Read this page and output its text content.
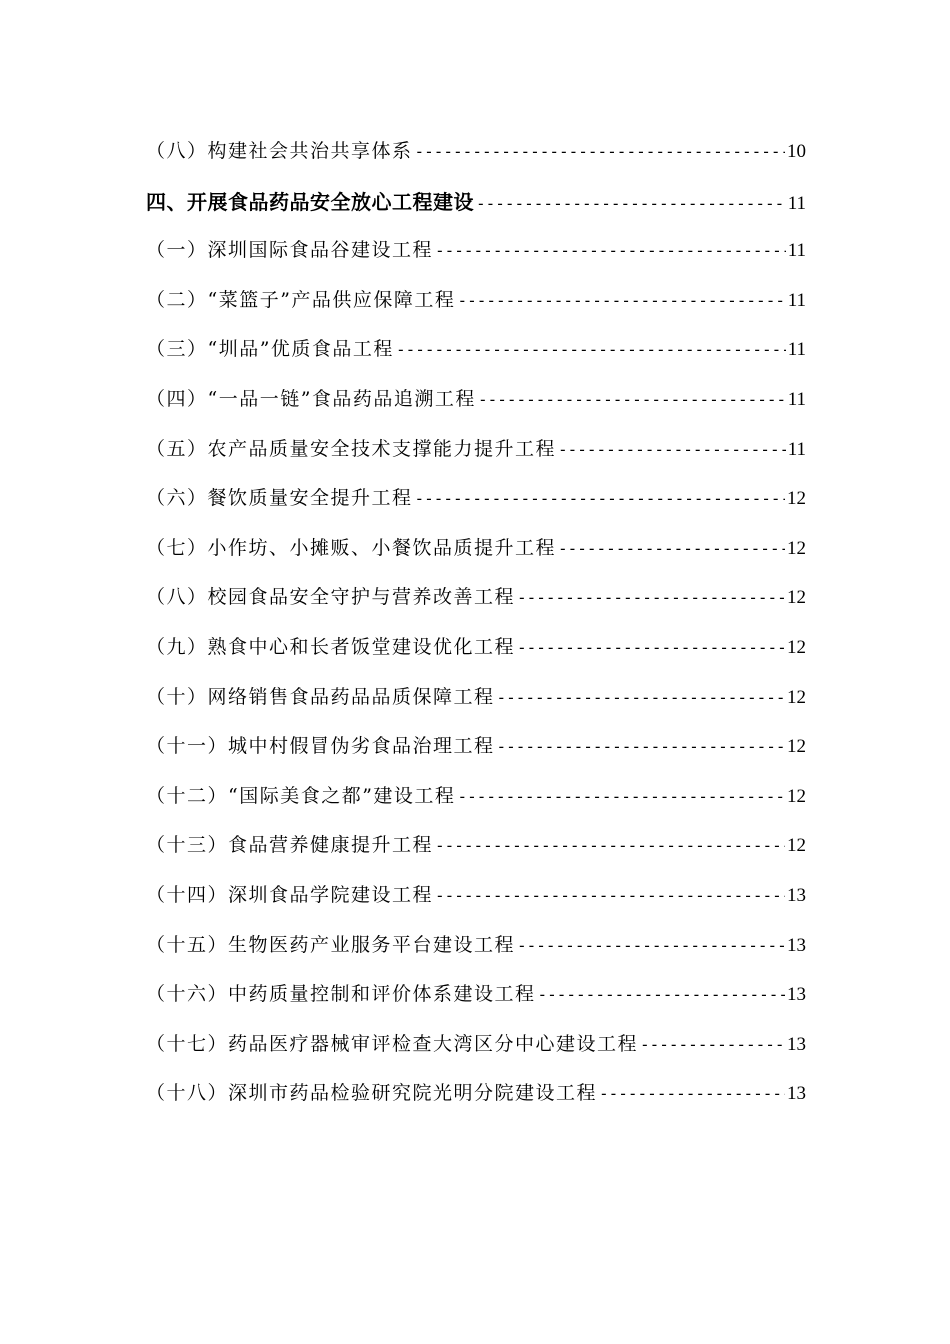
（八）构建社会共治共享体系 -----	10
四、开展食品药品安全放心工程建设 -----	11
（一）深圳国际食品谷建设工程 -----	11
（二）“菜篮子”产品供应保障工程 -----	11
（三）“圳品”优质食品工程 -----	11
（四）“一品一链”食品药品追溯工程 -----	11
（五）农产品质量安全技术支撑能力提升工程 -----	11
（六）餐饮质量安全提升工程 -----	12
（七）小作坊、小摊贩、小餐饮品质提升工程 -----	12
（八）校园食品安全守护与营养改善工程 -----	12
（九）熟食中心和长者饭堂建设优化工程 -----	12
（十）网络销售食品药品品质保障工程 -----	12
（十一）城中村假冒伪劣食品治理工程 -----	12
（十二）“国际美食之都”建设工程 -----	12
（十三）食品营养健康提升工程 -----	12
（十四）深圳食品学院建设工程 -----	13
（十五）生物医药产业服务平台建设工程 -----	13
（十六）中药质量控制和评价体系建设工程 -----	13
（十七）药品医疗器械审评检查大湾区分中心建设工程 -----	13
（十八）深圳市药品检验研究院光明分院建设工程 -----	13
